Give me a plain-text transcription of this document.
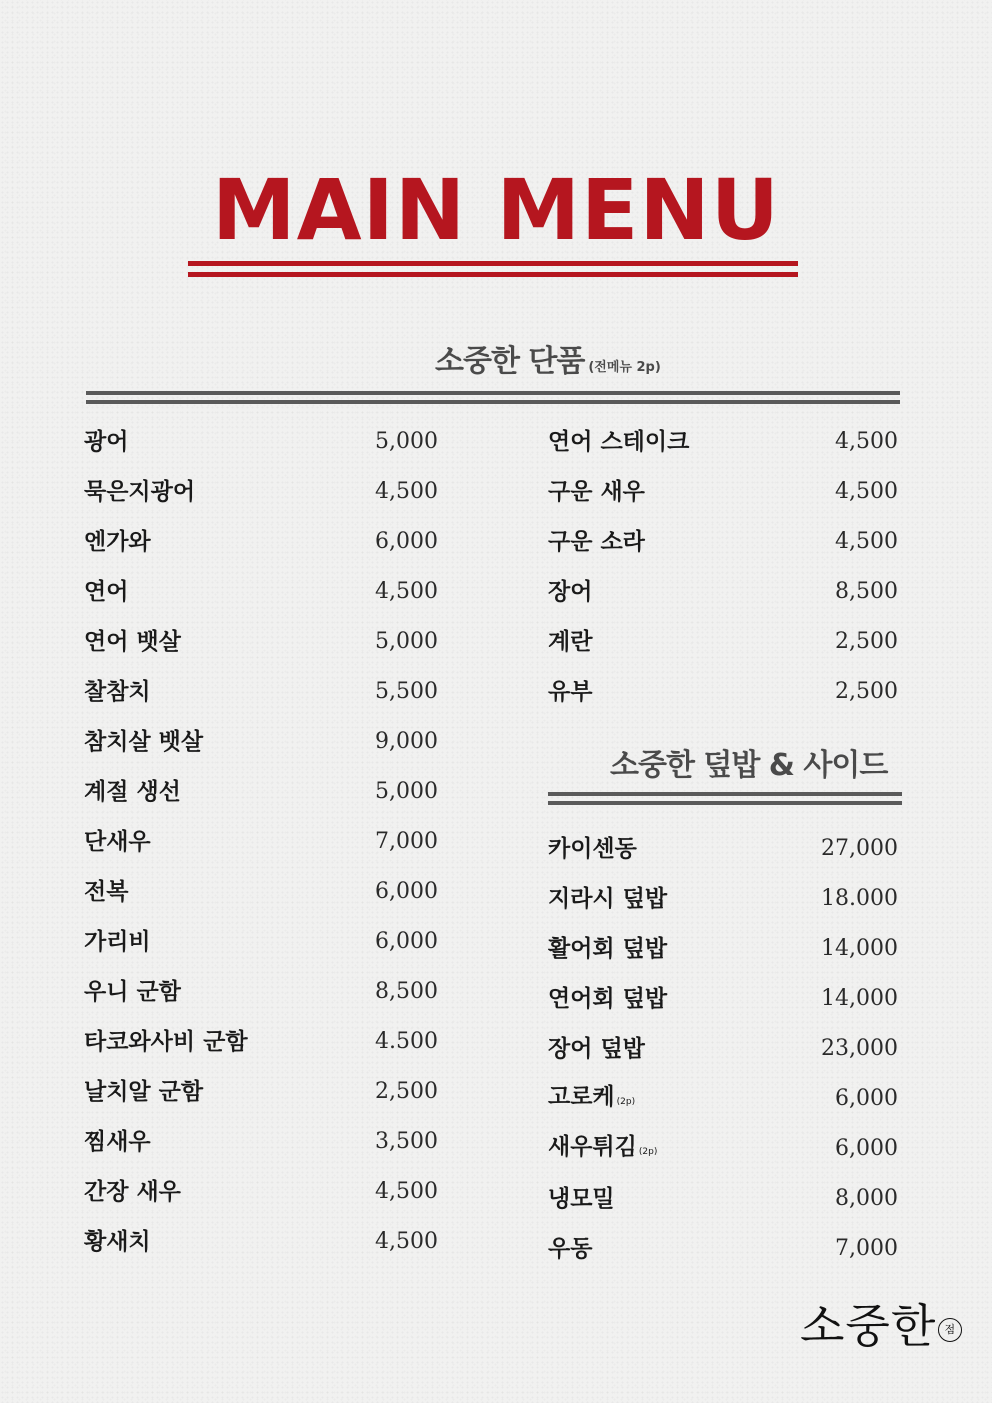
MAIN MENU
소중한 단품 (전메뉴 2p)
광어	5,000
묵은지광어	4,500
엔가와	6,000
연어	4,500
연어 뱃살	5,000
찰참치	5,500
참치살 뱃살	9,000
계절 생선	5,000
단새우	7,000
전복	6,000
가리비	6,000
우니 군함	8,500
타코와사비 군함	4.500
날치알 군함	2,500
찜새우	3,500
간장 새우	4,500
황새치	4,500
연어 스테이크	4,500
구운 새우	4,500
구운 소라	4,500
장어	8,500
계란	2,500
유부	2,500
소중한 덮밥 & 사이드
카이센동	27,000
지라시 덮밥	18.000
활어회 덮밥	14,000
연어회 덮밥	14,000
장어 덮밥	23,000
고로케 (2p)	6,000
새우튀김 (2p)	6,000
냉모밀	8,000
우동	7,000
소중한 점
